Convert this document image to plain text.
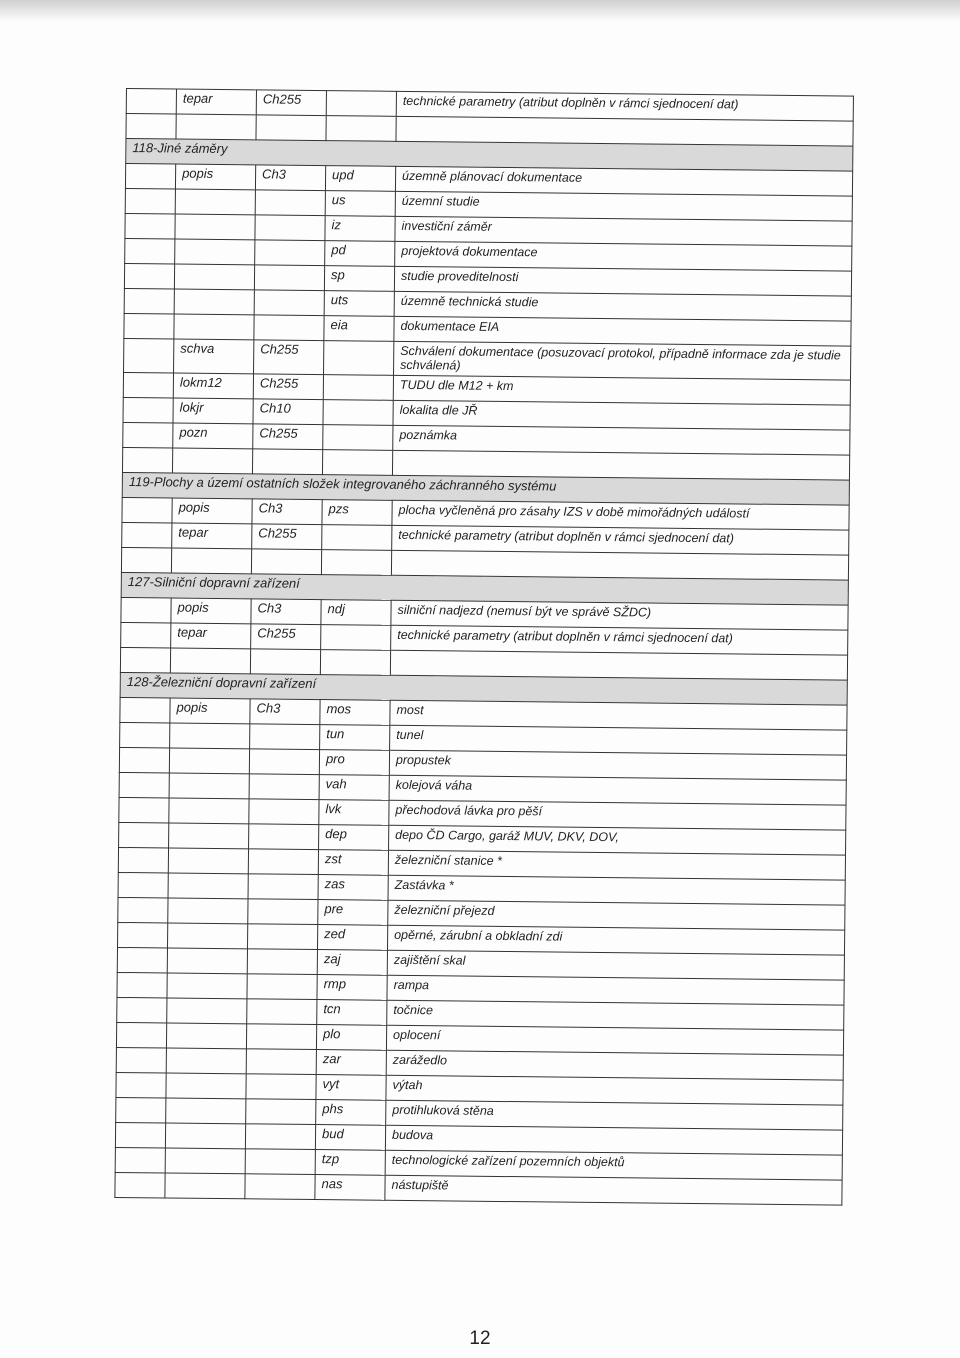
	tepar	Ch255		technické parametry (atribut doplněn v rámci sjednocení dat)

118-Jiné záměry				
	popis	Ch3	upd	územně plánovací dokumentace
			us	územní studie
			iz	investiční záměr
			pd	projektová dokumentace
			sp	studie proveditelnosti
			uts	územně technická studie
			eia	dokumentace EIA
	schva	Ch255		Schválení dokumentace (posuzovací protokol, případně informace zda je studie schválená)
	lokm12	Ch255		TUDU dle M12 + km
	lokjr	Ch10		lokalita dle JŘ
	pozn	Ch255		poznámka

119-Plochy a území ostatních složek integrovaného záchranného systému				
	popis	Ch3	pzs	plocha vyčleněná pro zásahy IZS v době mimořádných událostí
	tepar	Ch255		technické parametry (atribut doplněn v rámci sjednocení dat)

127-Silniční dopravní zařízení				
	popis	Ch3	ndj	silniční nadjezd (nemusí být ve správě SŽDC)
	tepar	Ch255		technické parametry (atribut doplněn v rámci sjednocení dat)

128-Železniční dopravní zařízení				
	popis	Ch3	mos	most
			tun	tunel
			pro	propustek
			vah	kolejová váha
			lvk	přechodová lávka pro pěší
			dep	depo ČD Cargo, garáž MUV, DKV, DOV,
			zst	železniční stanice *
			zas	Zastávka *
			pre	železniční přejezd
			zed	opěrné, zárubní a obkladní zdi
			zaj	zajištění skal
			rmp	rampa
			tcn	točnice
			plo	oplocení
			zar	zarážedlo
			vyt	výtah
			phs	protihluková stěna
			bud	budova
			tzp	technologické zařízení pozemních objektů
			nas	nástupiště
12
